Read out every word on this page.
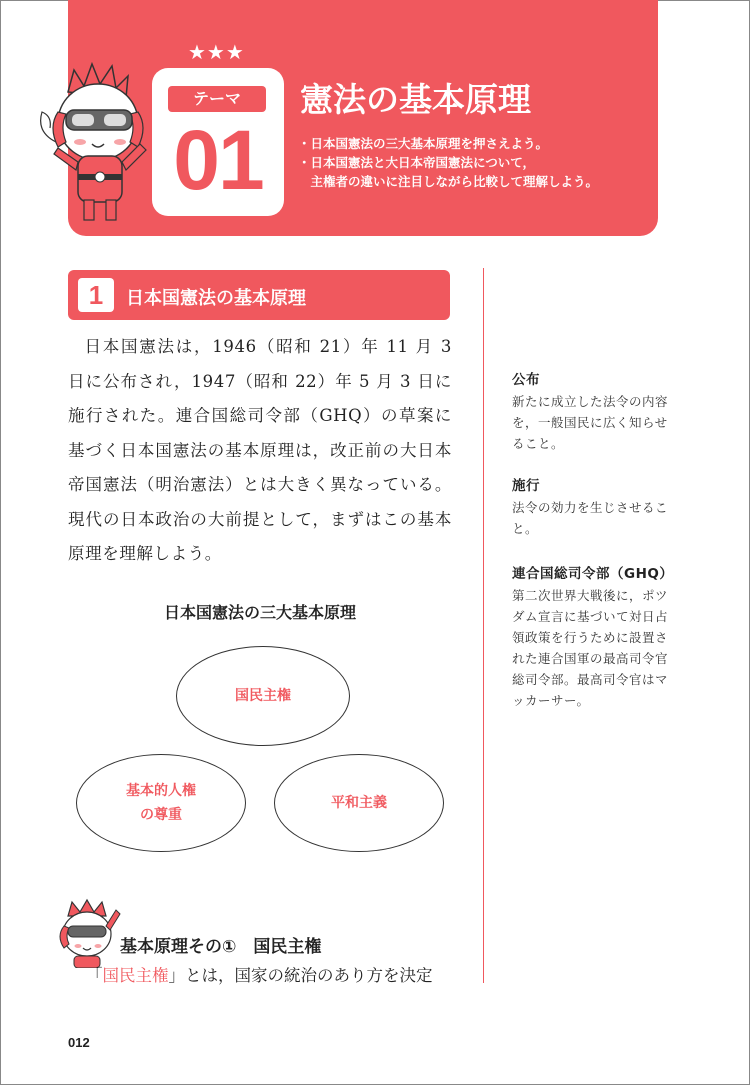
★★★
テーマ
01
憲法の基本原理
・日本国憲法の三大基本原理を押さえよう。
・日本国憲法と大日本帝国憲法について，
　主権者の違いに注目しながら比較して理解しよう。
1	日本国憲法の基本原理

日本国憲法は，1946（昭和 21）年 11 月 3 日に公布され，1947（昭和 22）年 5 月 3 日に施行された。連合国総司令部（GHQ）の草案に基づく日本国憲法の基本原理は，改正前の大日本帝国憲法（明治憲法）とは大きく異なっている。現代の日本政治の大前提として，まずはこの基本原理を理解しよう。

日本国憲法の三大基本原理
国民主権
基本的人権
の尊重
平和主義
基本原理その①　国民主権
「国民主権」とは，国家の統治のあり方を決定
公布
新たに成立した法令の内容を，一般国民に広く知らせること。
施行
法令の効力を生じさせること。
連合国総司令部（GHQ）
第二次世界大戦後に，ポツダム宣言に基づいて対日占領政策を行うために設置された連合国軍の最高司令官総司令部。最高司令官はマッカーサー。
012
